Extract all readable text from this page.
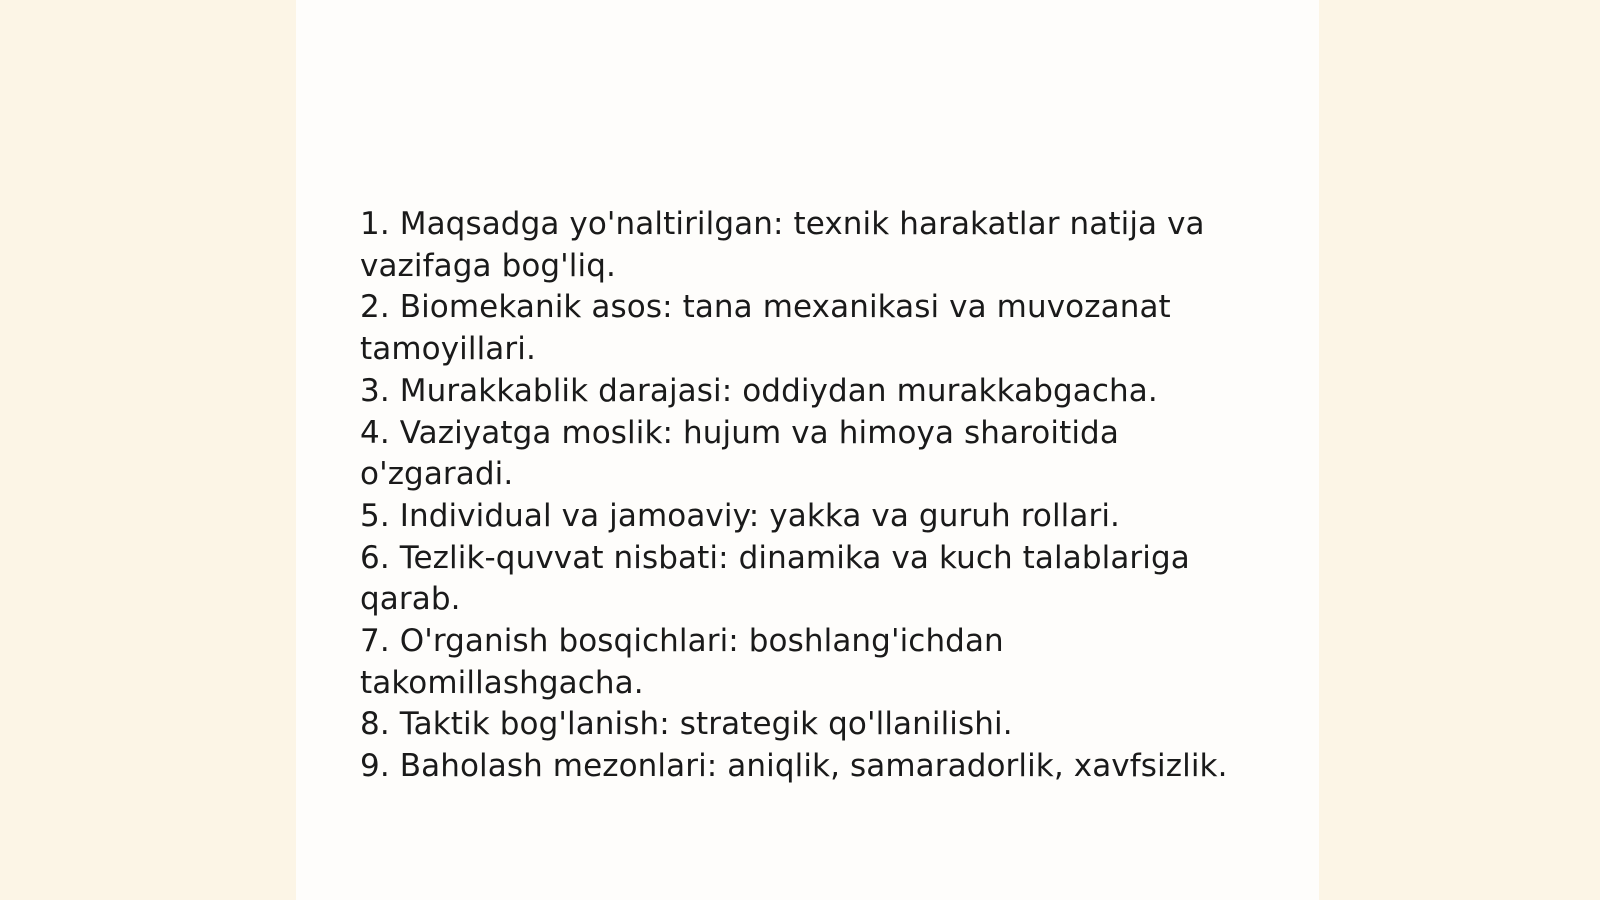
1. Maqsadga yo'naltirilgan: texnik harakatlar natija va vazifaga bog'liq.
2. Biomekanik asos: tana mexanikasi va muvozanat tamoyillari.
3. Murakkablik darajasi: oddiydan murakkabgacha.
4. Vaziyatga moslik: hujum va himoya sharoitida o'zgaradi.
5. Individual va jamoaviy: yakka va guruh rollari.
6. Tezlik-quvvat nisbati: dinamika va kuch talablariga qarab.
7. O'rganish bosqichlari: boshlang'ichdan takomillashgacha.
8. Taktik bog'lanish: strategik qo'llanilishi.
9. Baholash mezonlari: aniqlik, samaradorlik, xavfsizlik.
